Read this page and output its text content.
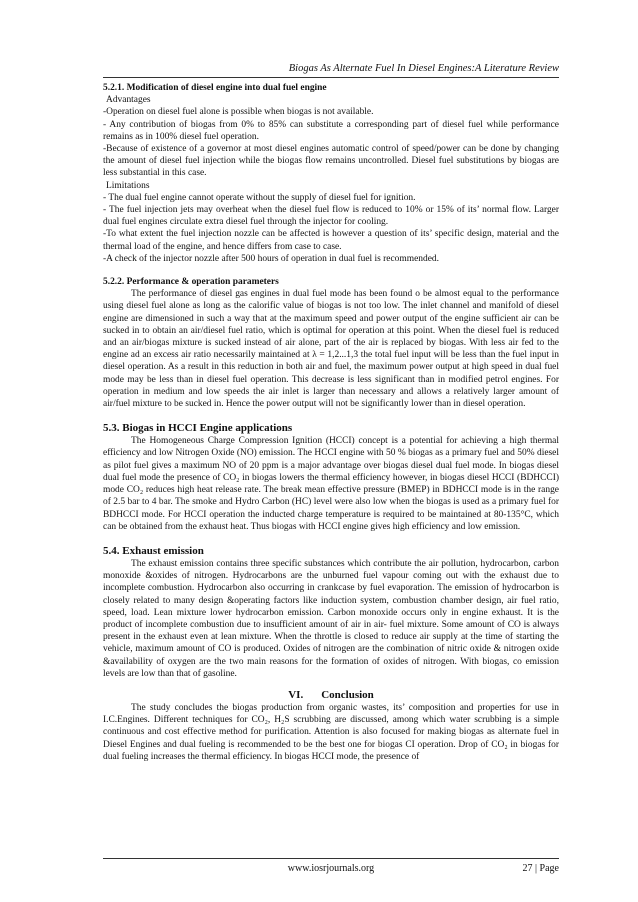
Biogas As Alternate Fuel In Diesel Engines:A Literature Review

5.2.1. Modification of diesel engine into dual fuel engine

Advantages

-Operation on diesel fuel alone is possible when biogas is not available.

- Any contribution of biogas from 0% to 85% can substitute a corresponding part of diesel fuel while performance remains as in 100% diesel fuel operation.

-Because of existence of a governor at most diesel engines automatic control of speed/power can be done by changing the amount of diesel fuel injection while the biogas flow remains uncontrolled. Diesel fuel substitutions by biogas are less substantial in this case.

Limitations

- The dual fuel engine cannot operate without the supply of diesel fuel for ignition.

- The fuel injection jets may overheat when the diesel fuel flow is reduced to 10% or 15% of its’ normal flow. Larger dual fuel engines circulate extra diesel fuel through the injector for cooling.

-To what extent the fuel injection nozzle can be affected is however a question of its’ specific design, material and the thermal load of the engine, and hence differs from case to case.

-A check of the injector nozzle after 500 hours of operation in dual fuel is recommended.

5.2.2. Performance & operation parameters

The performance of diesel gas engines in dual fuel mode has been found o be almost equal to the performance using diesel fuel alone as long as the calorific value of biogas is not too low. The inlet channel and manifold of diesel engine are dimensioned in such a way that at the maximum speed and power output of the engine sufficient air can be sucked in to obtain an air/diesel fuel ratio, which is optimal for operation at this point. When the diesel fuel is reduced and an air/biogas mixture is sucked instead of air alone, part of the air is replaced by biogas. With less air fed to the engine ad an excess air ratio necessarily maintained at λ = 1,2...1,3 the total fuel input will be less than the fuel input in diesel operation. As a result in this reduction in both air and fuel, the maximum power output at high speed in dual fuel mode may be less than in diesel fuel operation. This decrease is less significant than in modified petrol engines. For operation in medium and low speeds the air inlet is larger than necessary and allows a relatively larger amount of air/fuel mixture to be sucked in. Hence the power output will not be significantly lower than in diesel operation.

5.3. Biogas in HCCI Engine applications

The Homogeneous Charge Compression Ignition (HCCI) concept is a potential for achieving a high thermal efficiency and low Nitrogen Oxide (NO) emission. The HCCI engine with 50 % biogas as a primary fuel and 50% diesel as pilot fuel gives a maximum NO of 20 ppm is a major advantage over biogas diesel dual fuel mode. In biogas diesel dual fuel mode the presence of CO₂ in biogas lowers the thermal efficiency however, in biogas diesel HCCI (BDHCCI) mode CO₂ reduces high heat release rate. The break mean effective pressure (BMEP) in BDHCCI mode is in the range of 2.5 bar to 4 bar. The smoke and Hydro Carbon (HC) level were also low when the biogas is used as a primary fuel for BDHCCI mode. For HCCI operation the inducted charge temperature is required to be maintained at 80-135°C, which can be obtained from the exhaust heat. Thus biogas with HCCI engine gives high efficiency and low emission.

5.4. Exhaust emission

The exhaust emission contains three specific substances which contribute the air pollution, hydrocarbon, carbon monoxide &oxides of nitrogen. Hydrocarbons are the unburned fuel vapour coming out with the exhaust due to incomplete combustion. Hydrocarbon also occurring in crankcase by fuel evaporation. The emission of hydrocarbon is closely related to many design &operating factors like induction system, combustion chamber design, air fuel ratio, speed, load. Lean mixture lower hydrocarbon emission. Carbon monoxide occurs only in engine exhaust. It is the product of incomplete combustion due to insufficient amount of air in air- fuel mixture. Some amount of CO is always present in the exhaust even at lean mixture. When the throttle is closed to reduce air supply at the time of starting the vehicle, maximum amount of CO is produced. Oxides of nitrogen are the combination of nitric oxide & nitrogen oxide &availability of oxygen are the two main reasons for the formation of oxides of nitrogen. With biogas, co emission levels are low than that of gasoline.

VI. Conclusion

The study concludes the biogas production from organic wastes, its’ composition and properties for use in I.C.Engines. Different techniques for CO₂, H₂S scrubbing are discussed, among which water scrubbing is a simple continuous and cost effective method for purification. Attention is also focused for making biogas as alternate fuel in Diesel Engines and dual fueling is recommended to be the best one for biogas CI operation. Drop of CO₂ in biogas for dual fueling increases the thermal efficiency. In biogas HCCI mode, the presence of

www.iosrjournals.org	27 | Page
